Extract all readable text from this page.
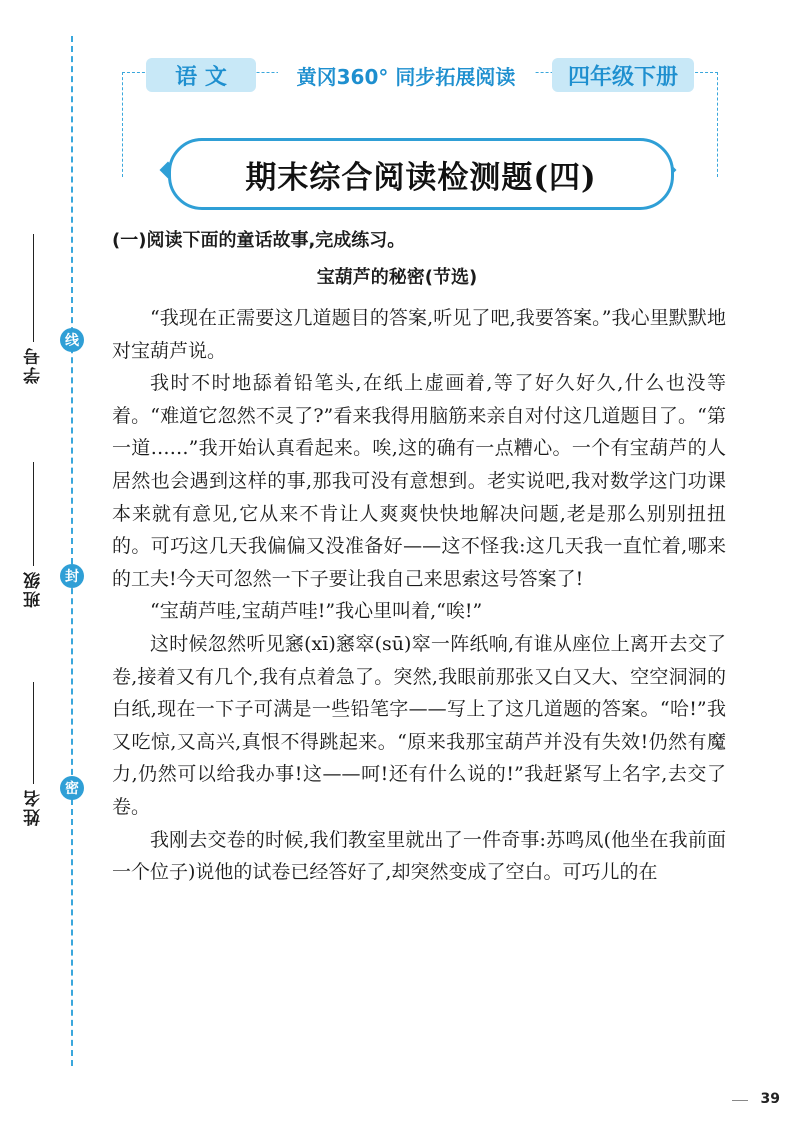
线
封
密
学号
班级
姓名
语 文	黄冈360° 同步拓展阅读	四年级下册
期末综合阅读检测题(四)
(一)阅读下面的童话故事,完成练习。
宝葫芦的秘密(节选)

“我现在正需要这几道题目的答案,听见了吧,我要答案。”我心里默默地对宝葫芦说。

我时不时地舔着铅笔头,在纸上虚画着,等了好久好久,什么也没等着。“难道它忽然不灵了?”看来我得用脑筋来亲自对付这几道题目了。“第一道……”我开始认真看起来。唉,这的确有一点糟心。一个有宝葫芦的人居然也会遇到这样的事,那我可没有意想到。老实说吧,我对数学这门功课本来就有意见,它从来不肯让人爽爽快快地解决问题,老是那么别别扭扭的。可巧这几天我偏偏又没准备好——这不怪我:这几天我一直忙着,哪来的工夫!今天可忽然一下子要让我自己来思索这号答案了!

“宝葫芦哇,宝葫芦哇!”我心里叫着,“唉!”

这时候忽然听见窸(xī)窸窣(sū)窣一阵纸响,有谁从座位上离开去交了卷,接着又有几个,我有点着急了。突然,我眼前那张又白又大、空空洞洞的白纸,现在一下子可满是一些铅笔字——写上了这几道题的答案。“哈!”我又吃惊,又高兴,真恨不得跳起来。“原来我那宝葫芦并没有失效!仍然有魔力,仍然可以给我办事!这——呵!还有什么说的!”我赶紧写上名字,去交了卷。

我刚去交卷的时候,我们教室里就出了一件奇事:苏鸣凤(他坐在我前面一个位子)说他的试卷已经答好了,却突然变成了空白。可巧儿的在

39
